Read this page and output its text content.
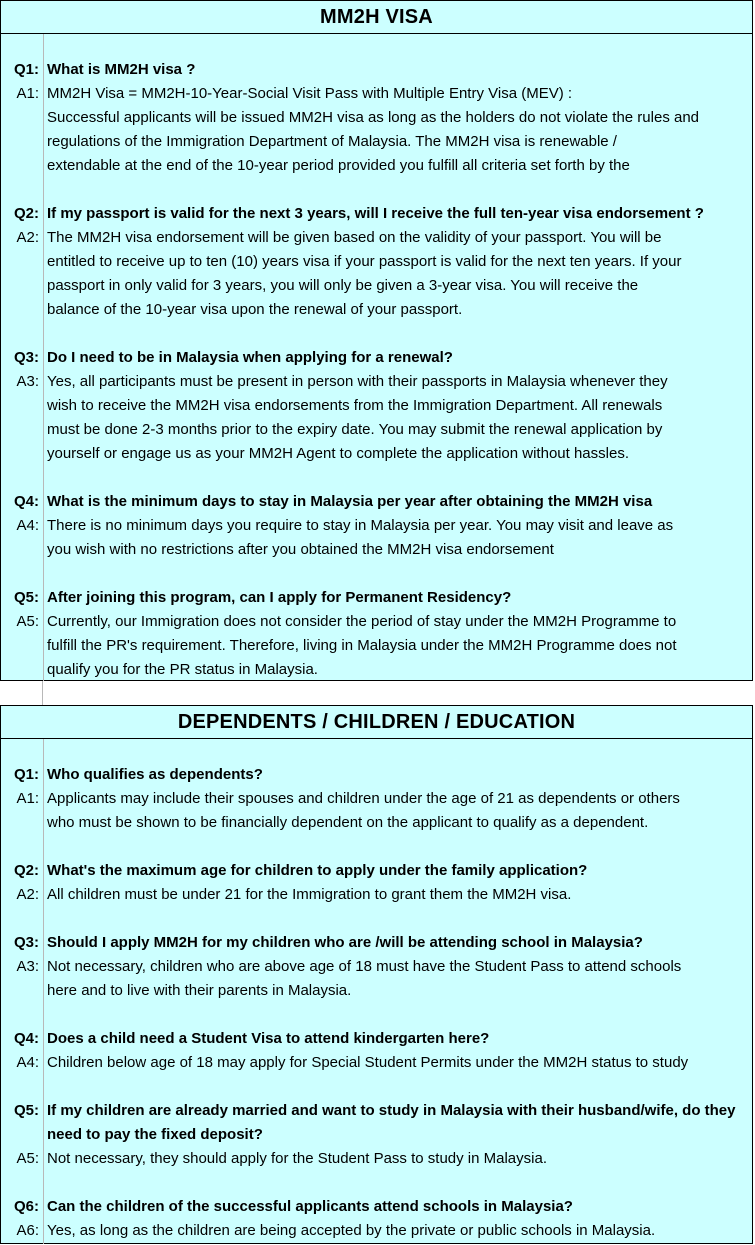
MM2H VISA
Q1: What is MM2H visa ?
A1: MM2H Visa = MM2H-10-Year-Social Visit Pass with Multiple Entry Visa (MEV) :
Successful applicants will be issued MM2H visa as long as the holders do not violate the rules and
regulations of the Immigration Department of Malaysia. The MM2H visa is renewable /
extendable at the end of the 10-year period provided you fulfill all criteria set forth by the
Q2: If my passport is valid for the next 3 years, will I receive the full ten-year visa endorsement ?
A2: The MM2H visa endorsement will be given based on the validity of your passport. You will be
entitled to receive up to ten (10) years visa if your passport is valid for the next ten years. If your
passport in only valid for 3 years, you will only be given a 3-year visa. You will receive the
balance of the 10-year visa upon the renewal of your passport.
Q3: Do I need to be in Malaysia when applying for a renewal?
A3: Yes, all participants must be present in person with their passports in Malaysia whenever they
wish to receive the MM2H visa endorsements from the Immigration Department. All renewals
must be done 2-3 months prior to the expiry date. You may submit the renewal application by
yourself or engage us as your MM2H Agent to complete the application without hassles.
Q4: What is the minimum days to stay in Malaysia per year after obtaining the MM2H visa
A4: There is no minimum days you require to stay in Malaysia per year. You may visit and leave as
you wish with no restrictions after you obtained the MM2H visa endorsement
Q5: After joining this program, can I apply for Permanent Residency?
A5: Currently, our Immigration does not consider the period of stay under the MM2H Programme to
fulfill the PR's requirement. Therefore, living in Malaysia under the MM2H Programme does not
qualify you for the PR status in Malaysia.
DEPENDENTS / CHILDREN / EDUCATION
Q1: Who qualifies as dependents?
A1: Applicants may include their spouses and children under the age of 21 as dependents or others
who must be shown to be financially dependent on the applicant to qualify as a dependent.
Q2: What's the maximum age for children to apply under the family application?
A2: All children must be under 21 for the Immigration to grant them the MM2H visa.
Q3: Should I apply MM2H for my children who are /will be attending school in Malaysia?
A3: Not necessary, children who are above age of 18 must have the Student Pass to attend schools
here and to live with their parents in Malaysia.
Q4: Does a child need a Student Visa to attend kindergarten here?
A4: Children below age of 18 may apply for Special Student Permits under the MM2H status to study
Q5: If my children are already married and want to study in Malaysia with their husband/wife, do they need to pay the fixed deposit?
A5: Not necessary, they should apply for the Student Pass to study in Malaysia.
Q6: Can the children of the successful applicants attend schools in Malaysia?
A6: Yes, as long as the children are being accepted by the private or public schools in Malaysia.
